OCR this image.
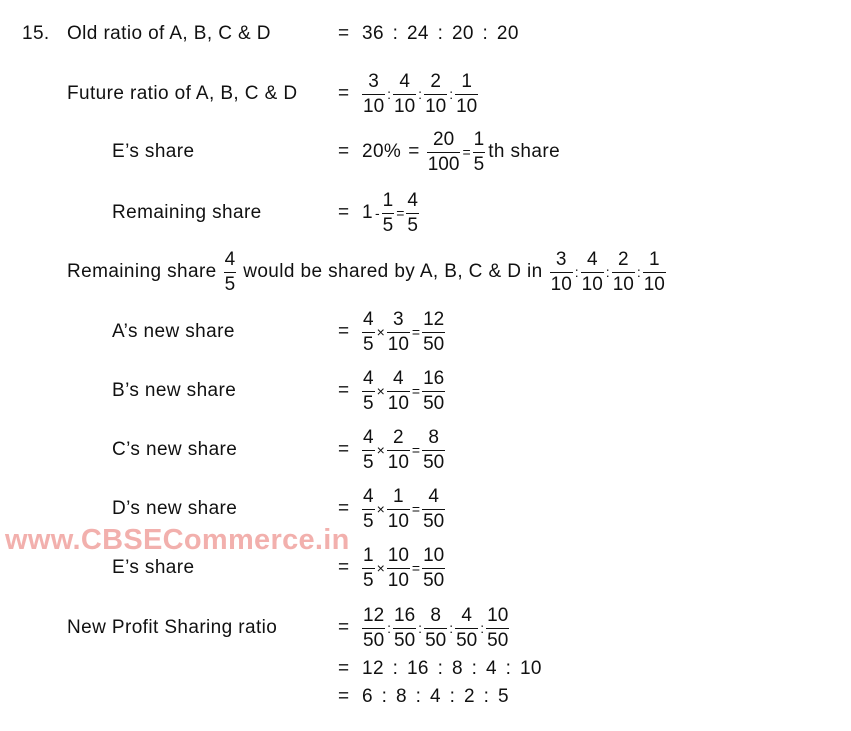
15. Old ratio of A, B, C & D	= 36 : 24 : 20 : 20
Future ratio of A, B, C & $D = \frac{3}{10}$ : $\frac{4}{10}$ : $\frac{2}{10}$ : $\frac{1}{10}$
E’s share	= $20\% = \frac{20}{100} = \frac{1}{5}$ th share
Remaining share	= $1 - \frac{1}{5} = \frac{4}{5}$
Remaining share $\frac{4}{5}$ would be shared by A, B, C & D in $\frac{3}{10}$ : $\frac{4}{10}$ : $\frac{2}{10}$ : $\frac{1}{10}$
A’s new share	= $\frac{4}{5} \times \frac{3}{10} = \frac{12}{50}$
B’s new share	= $\frac{4}{5} \times \frac{4}{10} = \frac{16}{50}$
C’s new share	= $\frac{4}{5} \times \frac{2}{10} = \frac{8}{50}$
D’s new share	= $\frac{4}{5} \times \frac{1}{10} = \frac{4}{50}$
www.CBSECommerce.in
E’s share	= $\frac{1}{5} \times \frac{10}{10} = \frac{10}{50}$
New Profit Sharing ratio	= $\frac{12}{50}$ : $\frac{16}{50}$ : $\frac{8}{50}$ : $\frac{4}{50}$ : $\frac{10}{50}$
= 12 : 16 : 8 : 4 : 10
= 6 : 8 : 4 : 2 : 5
